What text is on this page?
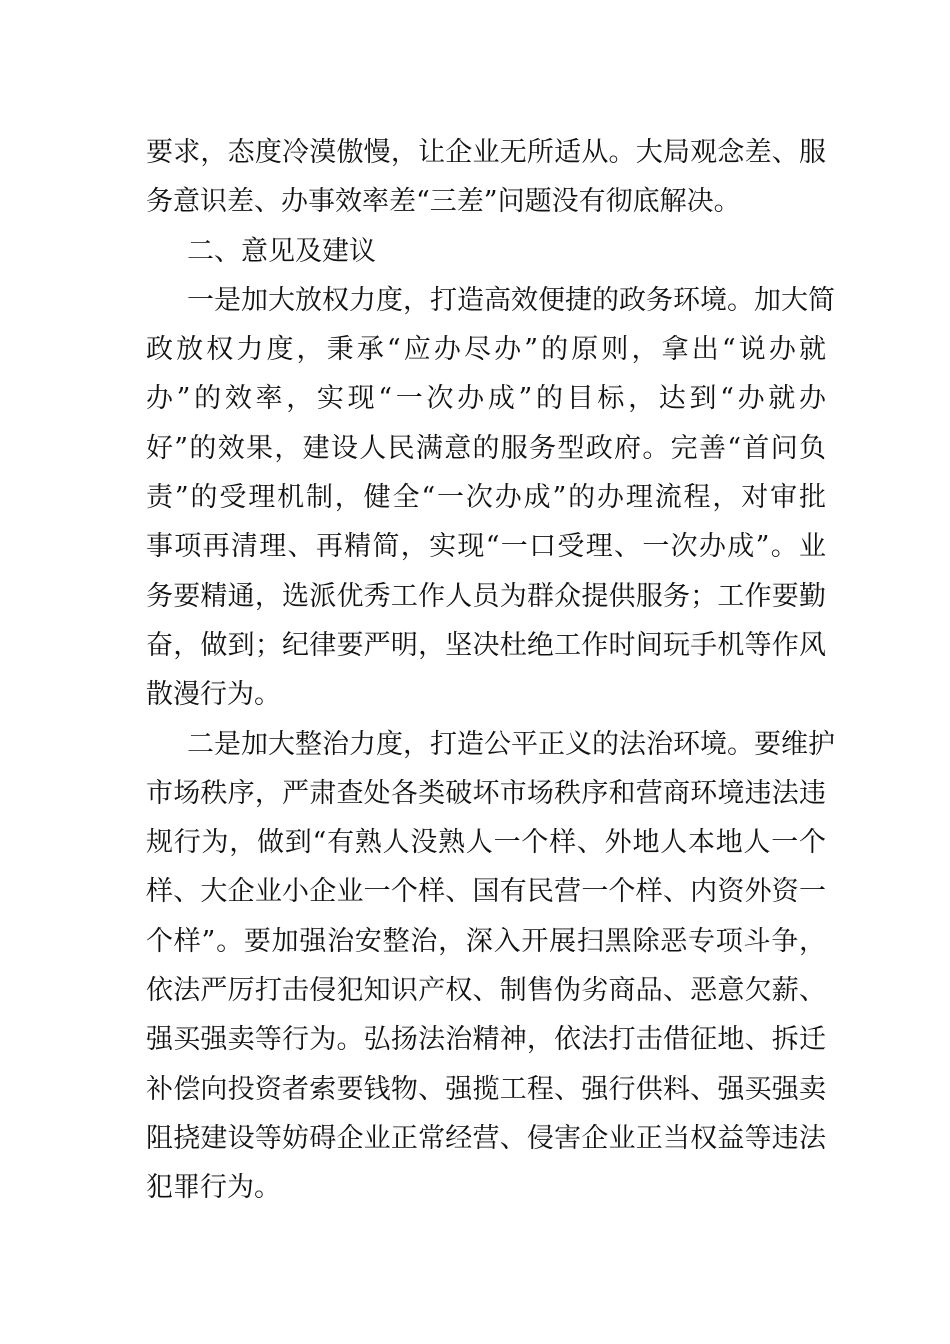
要求，态度冷漠傲慢，让企业无所适从。大局观念差、服
务意识差、办事效率差“三差”问题没有彻底解决。
二、意见及建议
一是加大放权力度，打造高效便捷的政务环境。加大简
政放权力度，秉承“应办尽办”的原则，拿出“说办就
办”的效率，实现“一次办成”的目标，达到“办就办
好”的效果，建设人民满意的服务型政府。完善“首问负
责”的受理机制，健全“一次办成”的办理流程，对审批
事项再清理、再精简，实现“一口受理、一次办成”。业
务要精通，选派优秀工作人员为群众提供服务；工作要勤
奋，做到；纪律要严明，坚决杜绝工作时间玩手机等作风
散漫行为。
二是加大整治力度，打造公平正义的法治环境。要维护
市场秩序，严肃查处各类破坏市场秩序和营商环境违法违
规行为，做到“有熟人没熟人一个样、外地人本地人一个
样、大企业小企业一个样、国有民营一个样、内资外资一
个样”。要加强治安整治，深入开展扫黑除恶专项斗争，
依法严厉打击侵犯知识产权、制售伪劣商品、恶意欠薪、
强买强卖等行为。弘扬法治精神，依法打击借征地、拆迁
补偿向投资者索要钱物、强揽工程、强行供料、强买强卖
阻挠建设等妨碍企业正常经营、侵害企业正当权益等违法
犯罪行为。
